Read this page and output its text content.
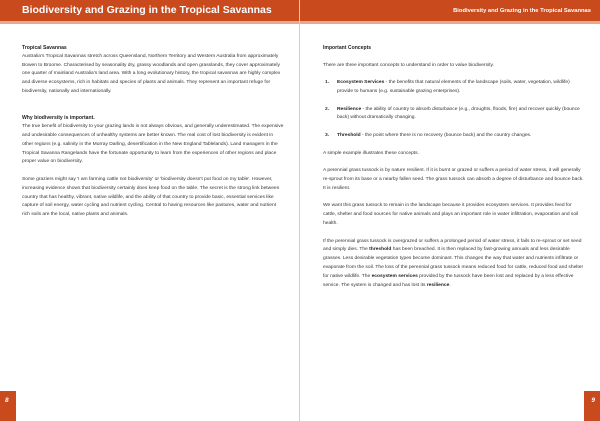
Biodiversity and Grazing in the Tropical Savannas
Tropical Savannas

Australia's Tropical Savannas stretch across Queensland, Northern Territory and Western Australia from approximately Bowen to Broome. Characterised by seasonality dry, grassy woodlands and open grasslands, they cover approximately one quarter of mainland Australia's land area. With a long evolutionary history, the tropical savannas are highly complex and diverse ecosystems, rich in habitats and species of plants and animals. They represent an important refuge for biodiversity, nationally and internationally.

Why biodiversity is important.

The true benefit of biodiversity to your grazing lands is not always obvious, and generally underestimated. The expensive and undesirable consequences of unhealthy systems are better known. The real cost of lost biodiversity is evident in other regions (e.g. salinity in the Murray Darling, desertification in the New England Tablelands). Land managers in the Tropical Savanna Rangelands have the fortunate opportunity to learn from the experiences of other regions and place proper value on biodiversity.

Some graziers might say 'I am farming cattle not biodiversity' or 'biodiversity doesn't put food on my table'. However, increasing evidence shows that biodiversity certainly does keep food on the table. The secret is the strong link between country that has healthy, vibrant, native wildlife, and the ability of that country to provide basic, essential services like capture of soil energy, water cycling and nutrient cycling. Central to having resources like pastures, water and nutrient rich soils are the local, native plants and animals.

8
Biodiversity and Grazing in the Tropical Savannas
Important Concepts

There are three important concepts to understand in order to value biodiversity.

1. Ecosystem Services - the benefits that natural elements of the landscape (soils, water, vegetation, wildlife) provide to humans (e.g. sustainable grazing enterprises).
2. Resilience - the ability of country to absorb disturbance (e.g., droughts, floods, fire) and recover quickly (bounce back) without dramatically changing.
3. Threshold - the point where there is no recovery (bounce back) and the country changes.

A simple example illustrates these concepts.

A perennial grass tussock is by nature resilient. If it is burnt or grazed or suffers a period of water stress, it will generally re-sprout from its base or a nearby fallen seed. The grass tussock can absorb a degree of disturbance and bounce back. It is resilient.

We want this grass tussock to remain in the landscape because it provides ecosystem services. It provides feed for cattle, shelter and food sources for native animals and plays an important role in water infiltration, evaporation and soil health.

If the perennial grass tussock is overgrazed or suffers a prolonged period of water stress, it fails to re-sprout or set seed and simply dies. The threshold has been breached. It is then replaced by fast-growing annuals and less desirable grasses. Less desirable vegetation types become dominant. This changes the way that water and nutrients infiltrate or evaporate from the soil. The loss of the perennial grass tussock means reduced food for cattle, reduced food and shelter for native wildlife. The ecosystem services provided by the tussock have been lost and replaced by a less effective service. The system is changed and has lost its resilience.

9
